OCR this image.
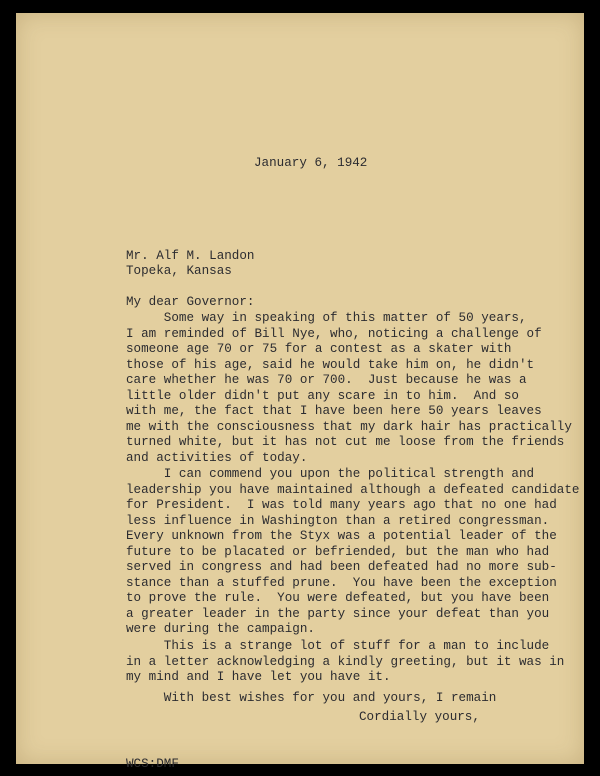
January 6, 1942
Mr. Alf M. Landon
Topeka, Kansas
My dear Governor:
Some way in speaking of this matter of 50 years,
I am reminded of Bill Nye, who, noticing a challenge of
someone age 70 or 75 for a contest as a skater with
those of his age, said he would take him on, he didn't
care whether he was 70 or 700.  Just because he was a
little older didn't put any scare in to him.  And so
with me, the fact that I have been here 50 years leaves
me with the consciousness that my dark hair has practically
turned white, but it has not cut me loose from the friends
and activities of today.
I can commend you upon the political strength and
leadership you have maintained although a defeated candidate
for President.  I was told many years ago that no one had
less influence in Washington than a retired congressman.
Every unknown from the Styx was a potential leader of the
future to be placated or befriended, but the man who had
served in congress and had been defeated had no more sub-
stance than a stuffed prune.  You have been the exception
to prove the rule.  You were defeated, but you have been
a greater leader in the party since your defeat than you
were during the campaign.
This is a strange lot of stuff for a man to include
in a letter acknowledging a kindly greeting, but it was in
my mind and I have let you have it.
With best wishes for you and yours, I remain
Cordially yours,
WCS:DMF
